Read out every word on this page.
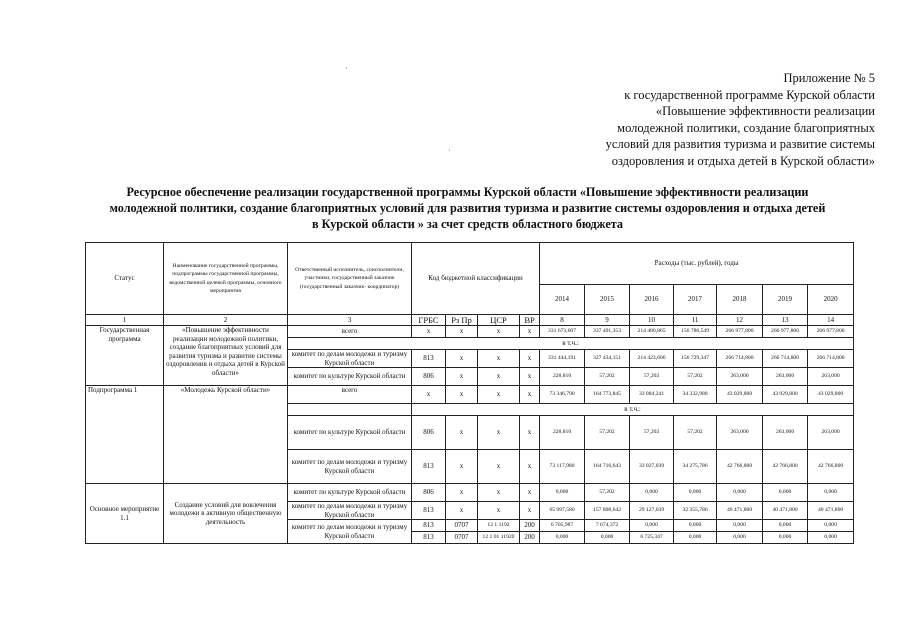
·
·
Приложение № 5
к государственной программе Курской области
«Повышение эффективности реализации
молодежной политики, создание благоприятных
условий для развития туризма и развитие системы
оздоровления и отдыха детей в Курской области»
Ресурсное обеспечение реализации государственной программы Курской области «Повышение эффективности реализации
молодежной политики, создание благоприятных условий для развития туризма и развитие системы оздоровления и отдыха детей
в Курской области » за счет средств областного бюджета
Статус	Наименование государственной программы, подпрограммы государственной программы, ведомственной целевой программы, основного мероприятия	Ответственный исполнитель, соисполнители, участники, государственный заказчик (государственный заказчик- координатор)	Код бюджетной классификации				Расходы (тыс. рублей), годы						
							2014	2015	2016	2017	2018	2019	2020
1	2	3	ГРБС	Рз Пр	ЦСР	ВР	8	9	10	11	12	13	14
Государственная программа	«Повышение эффективности реализации молодежной политики, создание благоприятных условий для развития туризма и развитие системы оздоровления и отдыха детей в Курской области»	всего	х	х	х	х	331 673,607	337 491,353	214 480,865	156 786,549	266 977,800	266 977,800	266 977,800
		в т.ч.:											
		комитет по делам молодежи и туризму Курской области	813	х	х	х	331 444,191	327 434,151	214 423,606	156 729,347	266 714,800	266 714,800	266 714,800
		комитет по культуре Курской области	806	х	х	х	228,810	57,202	57,202	57,202	263,000	263,000	263,000
Подпрограмма 1	«Молодежь Курской области»	всего	х	х	х	х	73 346,790	164 773,845	33 084,241	34 332,988	43 029,800	43 029,800	43 029,800
			в т.ч.:										
		комитет по культуре Курской области	806	х	х	х	228,810	57,202	57,202	57,202	263,000	263,000	263,000
		комитет по делам молодежи и туризму Курской области	813	х	х	х	73 117,980	164 716,643	33 027,039	34 275,786	42 766,800	42 766,800	42 766,800
Основное мероприятие 1.1	Создание условий для вовлечения молодежи в активную общественную деятельность	комитет по культуре Курской области	806	х	х	х	0,000	57,202	0,000	0,000	0,000	0,000	0,000
		комитет по делам молодежи и туризму Курской области	813	х	х	х	65 997,580	157 808,642	29 127,039	32 355,786	40 471,800	40 471,800	40 471,800
		комитет по делам молодежи и туризму Курской области	813	0707	12 1 1192	200	6 705,987	7 674,372	0,000	0,000	0,000	0,000	0,000
			813	0707	12 1 01 11920	200	0,000	0,000	6 725,347	0,000	0,000	0,000	0,000
